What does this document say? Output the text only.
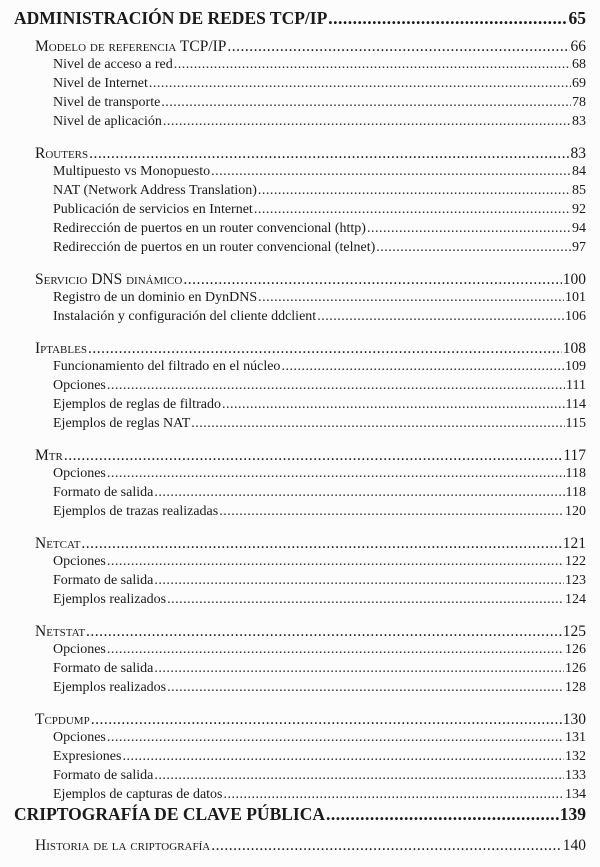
ADMINISTRACIÓN DE REDES TCP/IP .....	65
Modelo de referencia TCP/IP .....	66
Nivel de acceso a red .....	68
Nivel de Internet .....	69
Nivel de transporte .....	78
Nivel de aplicación .....	83
Routers .....	83
Multipuesto vs Monopuesto .....	84
NAT (Network Address Translation) .....	85
Publicación de servicios en Internet .....	92
Redirección de puertos en un router convencional (http) .....	94
Redirección de puertos en un router convencional (telnet) .....	97
Servicio DNS dinámico .....	100
Registro de un dominio en DynDNS .....	101
Instalación y configuración del cliente ddclient .....	106
Iptables .....	108
Funcionamiento del filtrado en el núcleo .....	109
Opciones .....	111
Ejemplos de reglas de filtrado .....	114
Ejemplos de reglas NAT .....	115
Mtr .....	117
Opciones .....	118
Formato de salida .....	118
Ejemplos de trazas realizadas .....	120
Netcat .....	121
Opciones .....	122
Formato de salida .....	123
Ejemplos realizados .....	124
Netstat .....	125
Opciones .....	126
Formato de salida .....	126
Ejemplos realizados .....	128
Tcpdump .....	130
Opciones .....	131
Expresiones .....	132
Formato de salida .....	133
Ejemplos de capturas de datos .....	134
CRIPTOGRAFÍA DE CLAVE PÚBLICA .....	139
Historia de la criptografía .....	140
